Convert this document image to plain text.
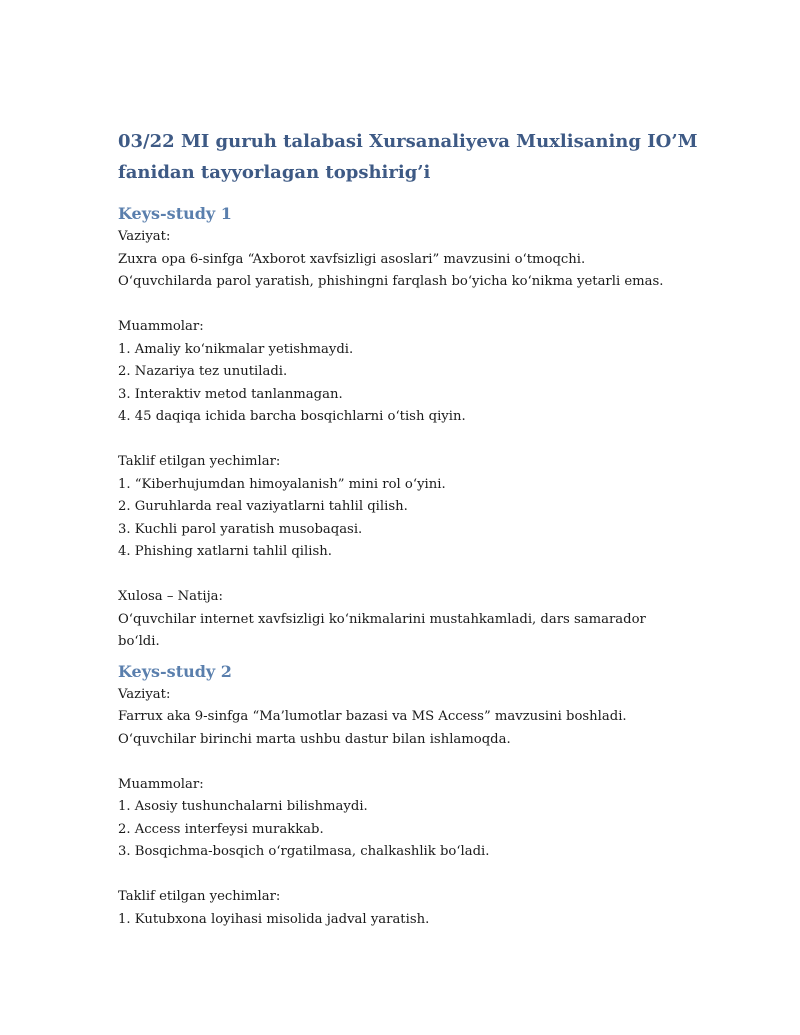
03/22 MI guruh talabasi Xursanaliyeva Muxlisaning IO’M

fanidan tayyorlagan topshirig’i

Keys-study 1

Vaziyat:

Zuxra opa 6-sinfga “Axborot xavfsizligi asoslari” mavzusini o‘tmoqchi.

O‘quvchilarda parol yaratish, phishingni farqlash bo‘yicha ko‘nikma yetarli emas.

Muammolar:

1. Amaliy ko‘nikmalar yetishmaydi.

2. Nazariya tez unutiladi.

3. Interaktiv metod tanlanmagan.

4. 45 daqiqa ichida barcha bosqichlarni o‘tish qiyin.

Taklif etilgan yechimlar:

1. “Kiberhujumdan himoyalanish” mini rol o‘yini.

2. Guruhlarda real vaziyatlarni tahlil qilish.

3. Kuchli parol yaratish musobaqasi.

4. Phishing xatlarni tahlil qilish.

Xulosa – Natija:

O‘quvchilar internet xavfsizligi ko‘nikmalarini mustahkamladi, dars samarador

bo‘ldi.

Keys-study 2

Vaziyat:

Farrux aka 9-sinfga “Ma’lumotlar bazasi va MS Access” mavzusini boshladi.

O‘quvchilar birinchi marta ushbu dastur bilan ishlamoqda.

Muammolar:

1. Asosiy tushunchalarni bilishmaydi.

2. Access interfeysi murakkab.

3. Bosqichma-bosqich o‘rgatilmasa, chalkashlik bo‘ladi.

Taklif etilgan yechimlar:

1. Kutubxona loyihasi misolida jadval yaratish.
